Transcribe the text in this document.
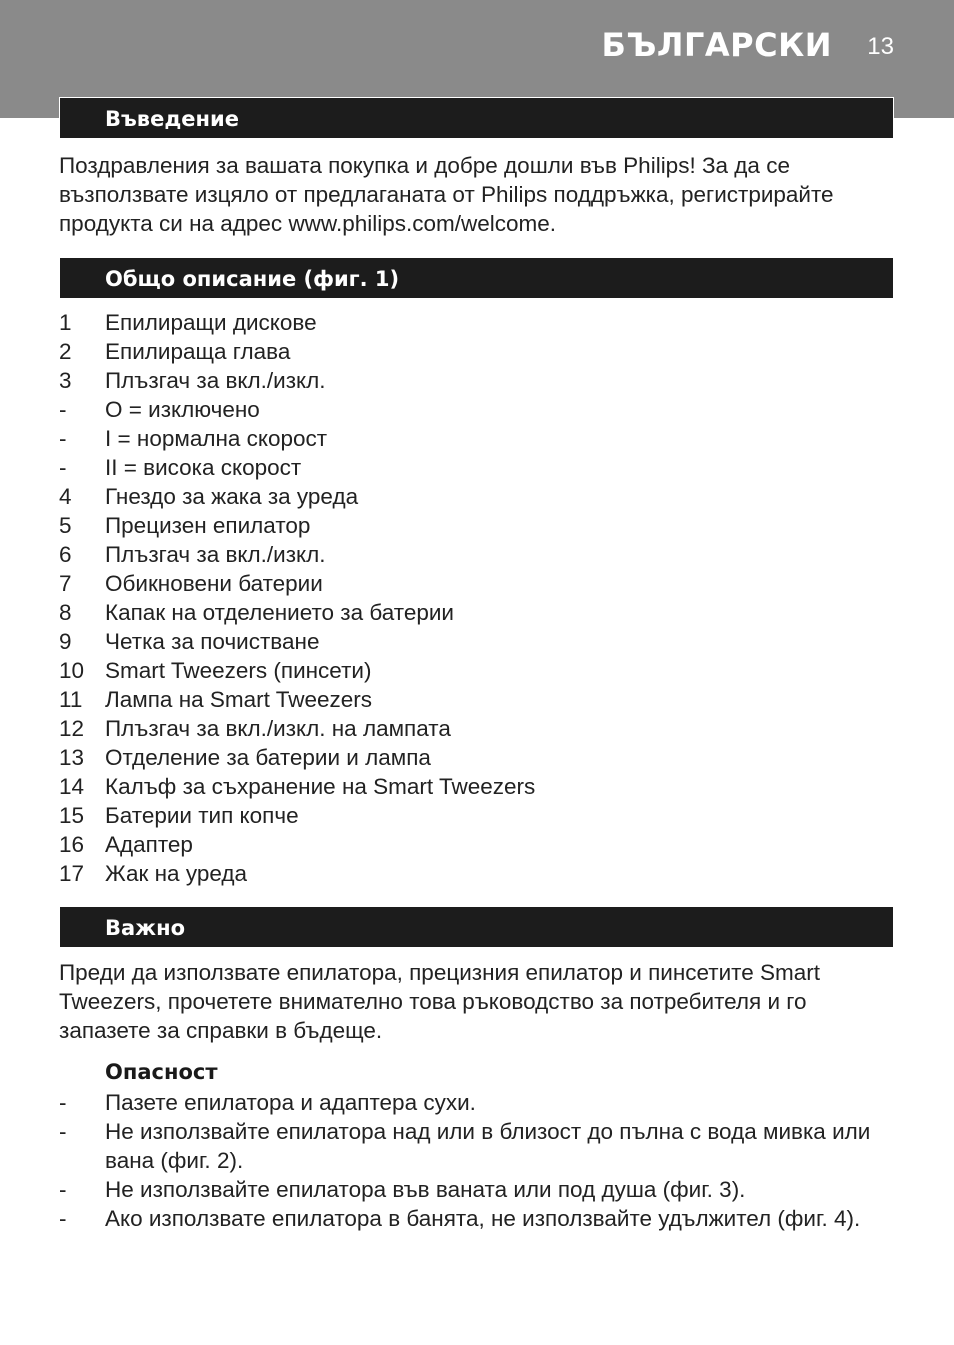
БЪЛГАРСКИ 13
Въведение

Поздравления за вашата покупка и добре дошли във Philips! За да се възползвате изцяло от предлаганата от Philips поддръжка, регистрирайте продукта си на адрес www.philips.com/welcome.

Общо описание (фиг. 1)
1	Епилиращи дискове
2	Епилираща глава
3	Плъзгач за вкл./изкл.
-	O = изключено
-	I = нормална скорост
-	II = висока скорост
4	Гнездо за жака за уреда
5	Прецизен епилатор
6	Плъзгач за вкл./изкл.
7	Обикновени батерии
8	Капак на отделението за батерии
9	Четка за почистване
10 Smart Tweezers (пинсети)
11	Лампа на Smart Tweezers
12 Плъзгач за вкл./изкл. на лампата
13 Отделение за батерии и лампа
14 Калъф за съхранение на Smart Tweezers
15 Батерии тип копче
16 Адаптер
17 Жак на уреда
Важно

Преди да използвате епилатора, прецизния епилатор и пинсетите Smart Tweezers, прочетете внимателно това ръководство за потребителя и го запазете за справки в бъдеще.

Опасност
- Пазете епилатора и адаптера сухи.
- Не използвайте епилатора над или в близост до пълна с вода мивка или вана (фиг. 2).
- Не използвайте епилатора във ваната или под душа (фиг. 3).
- Ако използвате епилатора в банята, не използвайте удължител (фиг. 4).
